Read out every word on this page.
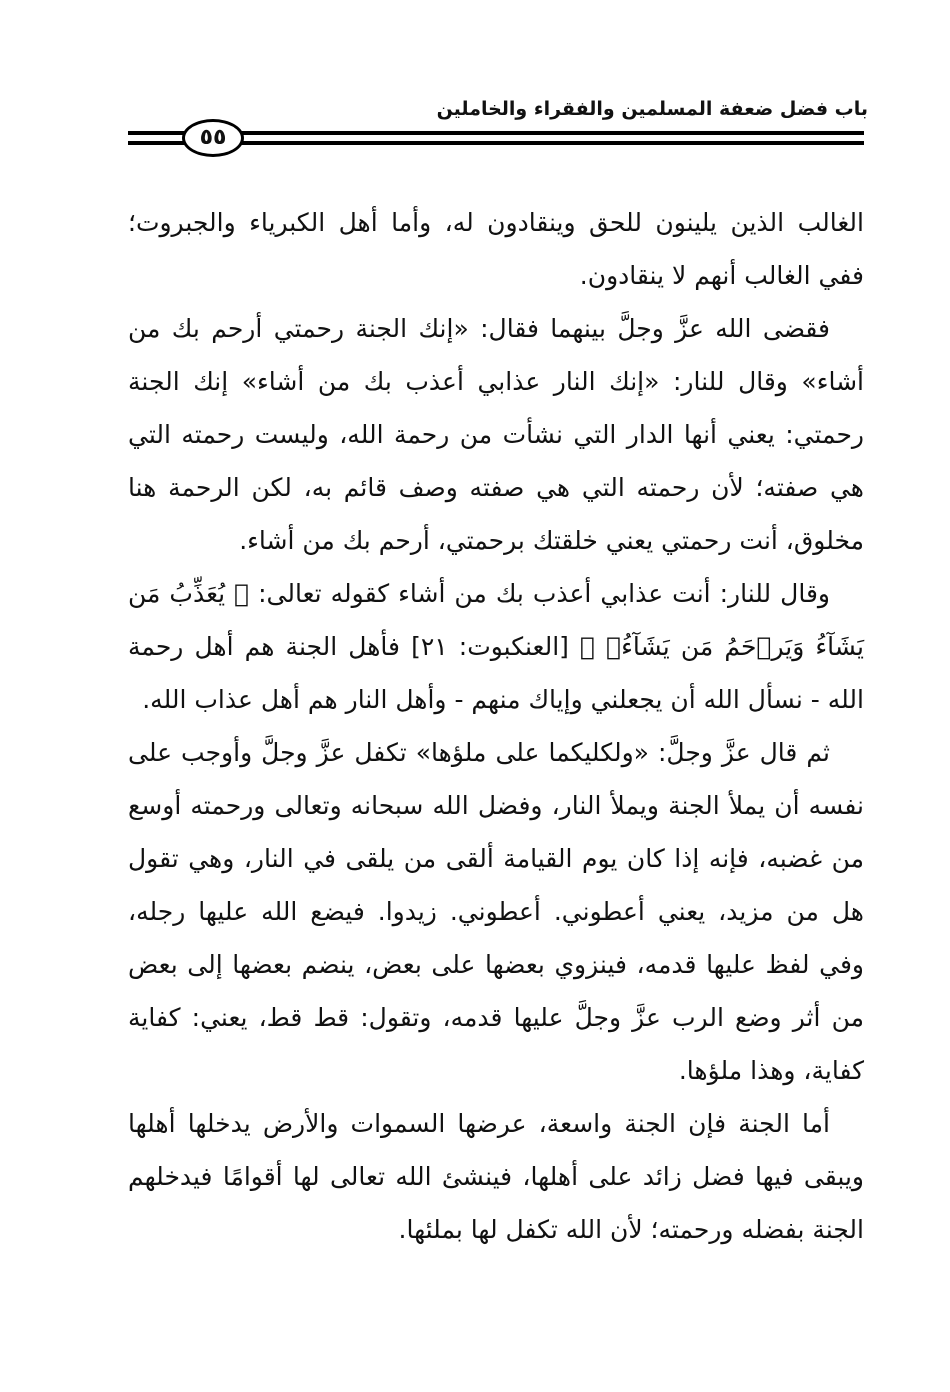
باب فضل ضعفة المسلمين والفقراء والخاملين
٥٥

الغالب الذين يلينون للحق وينقادون له، وأما أهل الكبرياء والجبروت؛ ففي الغالب أنهم لا ينقادون.

فقضى الله عزَّ وجلَّ بينهما فقال: «إنك الجنة رحمتي أرحم بك من أشاء» وقال للنار: «إنك النار عذابي أعذب بك من أشاء» إنك الجنة رحمتي: يعني أنها الدار التي نشأت من رحمة الله، وليست رحمته التي هي صفته؛ لأن رحمته التي هي صفته وصف قائم به، لكن الرحمة هنا مخلوق، أنت رحمتي يعني خلقتك برحمتي، أرحم بك من أشاء.

وقال للنار: أنت عذابي أعذب بك من أشاء كقوله تعالى: ﴿ يُعَذِّبُ مَن يَشَآءُ وَيَرۡحَمُ مَن يَشَآءُۖ ﴾ [العنكبوت: ٢١] فأهل الجنة هم أهل رحمة الله - نسأل الله أن يجعلني وإياك منهم - وأهل النار هم أهل عذاب الله.

ثم قال عزَّ وجلَّ: «ولكليكما على ملؤها» تكفل عزَّ وجلَّ وأوجب على نفسه أن يملأ الجنة ويملأ النار، وفضل الله سبحانه وتعالى ورحمته أوسع من غضبه، فإنه إذا كان يوم القيامة ألقى من يلقى في النار، وهي تقول هل من مزيد، يعني أعطوني. أعطوني. زيدوا. فيضع الله عليها رجله، وفي لفظ عليها قدمه، فينزوي بعضها على بعض، ينضم بعضها إلى بعض من أثر وضع الرب عزَّ وجلَّ عليها قدمه، وتقول: قط قط، يعني: كفاية كفاية، وهذا ملؤها.

أما الجنة فإن الجنة واسعة، عرضها السموات والأرض يدخلها أهلها ويبقى فيها فضل زائد على أهلها، فينشئ الله تعالى لها أقوامًا فيدخلهم الجنة بفضله ورحمته؛ لأن الله تكفل لها بملئها.
